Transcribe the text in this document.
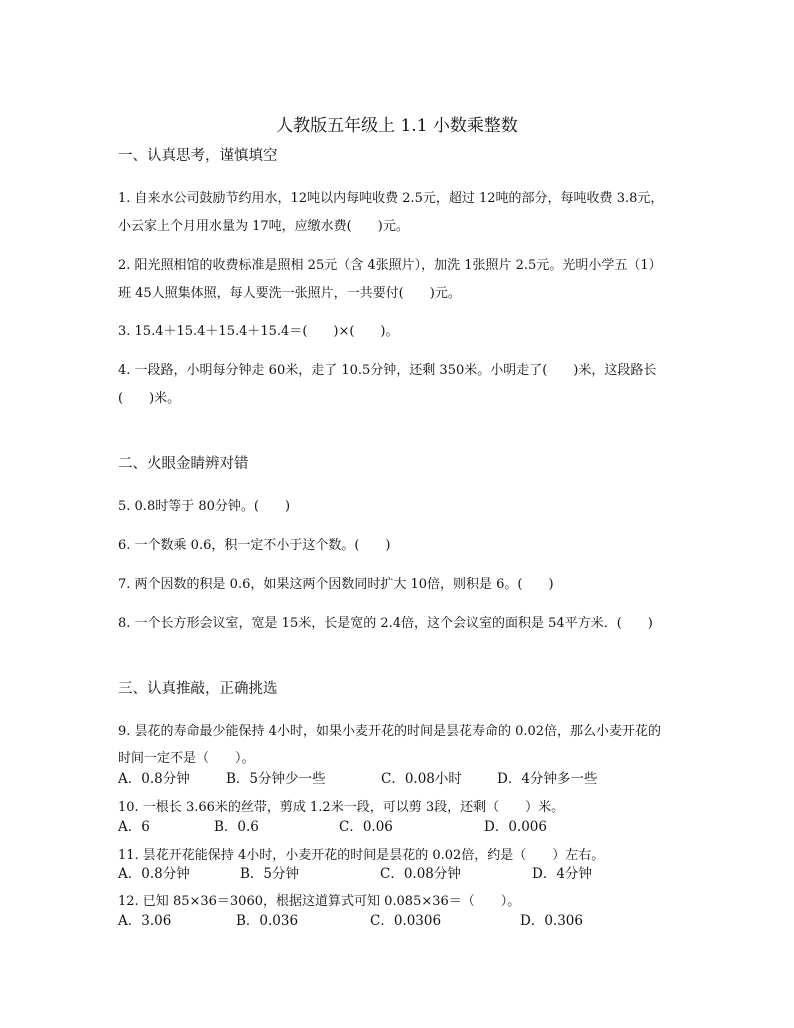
人教版五年级上 1.1 小数乘整数
一、认真思考，谨慎填空
1. 自来水公司鼓励节约用水，12吨以内每吨收费 2.5元，超过 12吨的部分，每吨收费 3.8元，
小云家上个月用水量为 17吨，应缴水费(　　)元。
2. 阳光照相馆的收费标准是照相 25元（含 4张照片），加洗 1张照片 2.5元。光明小学五（1）
班 45人照集体照，每人要洗一张照片，一共要付(　　)元。
3. 15.4＋15.4＋15.4＋15.4＝(　　)×(　　)。
4. 一段路，小明每分钟走 60米，走了 10.5分钟，还剩 350米。小明走了(　　)米，这段路长
(　　)米。
二、火眼金睛辨对错
5. 0.8时等于 80分钟。(　　)
6. 一个数乘 0.6，积一定不小于这个数。(　　)
7. 两个因数的积是 0.6，如果这两个因数同时扩大 10倍，则积是 6。(　　)
8. 一个长方形会议室，宽是 15米，长是宽的 2.4倍，这个会议室的面积是 54平方米．(　　)
三、认真推敲，正确挑选
9. 昙花的寿命最少能保持 4小时，如果小麦开花的时间是昙花寿命的 0.02倍，那么小麦开花的
时间一定不是（　　）。
A．0.8分钟	B．5分钟少一些	C．0.08小时	D．4分钟多一些
10. 一根长 3.66米的丝带，剪成 1.2米一段，可以剪 3段，还剩（　　）米。
A．6	B．0.6	C．0.06	D．0.006
11. 昙花开花能保持 4小时，小麦开花的时间是昙花的 0.02倍，约是（　　）左右。
A．0.8分钟	B．5分钟	C．0.08分钟	D．4分钟
12. 已知 85×36＝3060，根据这道算式可知 0.085×36＝（　　）。
A．3.06	B．0.036	C．0.0306	D．0.306
